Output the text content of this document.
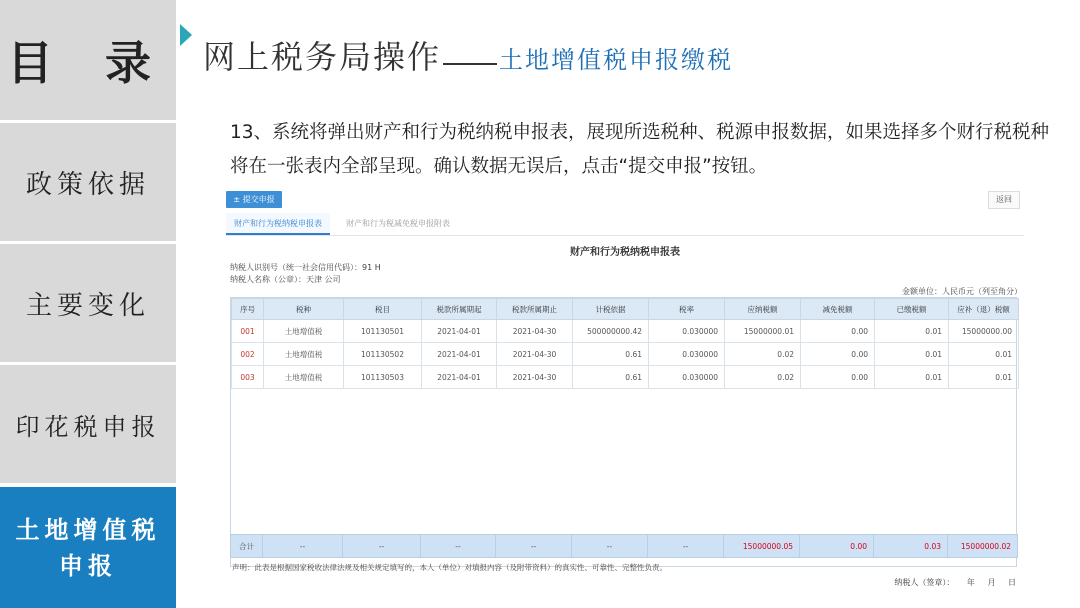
目 录
政策依据
主要变化
印花税申报
土地增值税申报
网上税务局操作 土地增值税申报缴税
13、系统将弹出财产和行为税纳税申报表，展现所选税种、税源申报数据，如果选择多个财行税税种将在一张表内全部呈现。确认数据无误后，点击“提交申报”按钮。
± 提交申报	返回
财产和行为税纳税申报表	财产和行为税减免税申报附表
财产和行为税纳税申报表
纳税人识别号（统一社会信用代码）：91 H
纳税人名称（公章）：天津 公司
金额单位：人民币元（列至角分）
序号	税种	税目	税款所属期起	税款所属期止	计税依据	税率	应纳税额	减免税额	已缴税额	应补（退）税额
001	土地增值税	101130501	2021-04-01	2021-04-30	500000000.42	0.030000	15000000.01	0.00	0.01	15000000.00
002	土地增值税	101130502	2021-04-01	2021-04-30	0.61	0.030000	0.02	0.00	0.01	0.01
003	土地增值税	101130503	2021-04-01	2021-04-30	0.61	0.030000	0.02	0.00	0.01	0.01
合计	--	--	--	--	--	--	15000000.05	0.00	0.03	15000000.02
声明：此表是根据国家税收法律法规及相关规定填写的，本人（单位）对填报内容（及附带资料）的真实性、可靠性、完整性负责。
纳税人（签章）： 年 月 日
